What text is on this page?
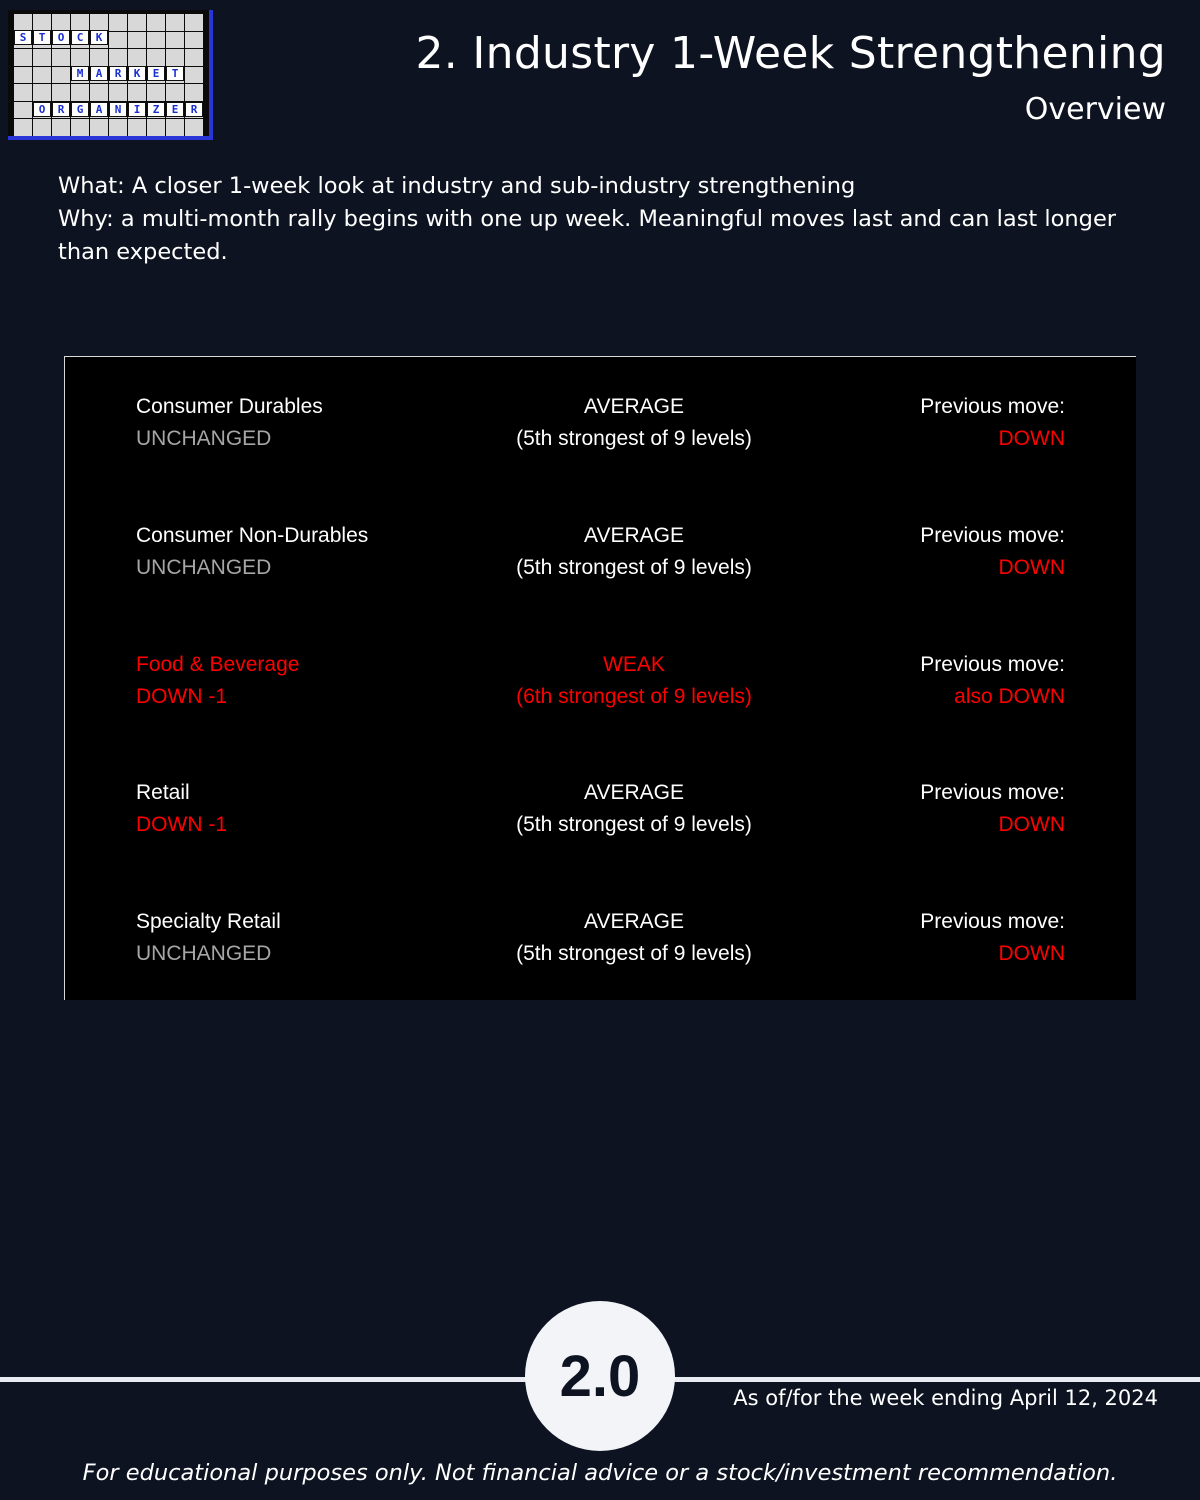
S	T	O	C	K
M	A	R	K	E	T
O	R	G	A	N	I	Z	E	R
2. Industry 1-Week Strengthening
Overview

What: A closer 1-week look at industry and sub-industry strengthening

Why: a multi-month rally begins with one up week. Meaningful moves last and can last longer than expected.

Consumer Durables
UNCHANGED
AVERAGE
(5th strongest of 9 levels)
Previous move:
DOWN
Consumer Non-Durables
UNCHANGED
AVERAGE
(5th strongest of 9 levels)
Previous move:
DOWN
Food & Beverage
DOWN -1
WEAK
(6th strongest of 9 levels)
Previous move:
also DOWN
Retail
DOWN -1
AVERAGE
(5th strongest of 9 levels)
Previous move:
DOWN
Specialty Retail
UNCHANGED
AVERAGE
(5th strongest of 9 levels)
Previous move:
DOWN
2.0	As of/for the week ending April 12, 2024
For educational purposes only. Not financial advice or a stock/investment recommendation.
